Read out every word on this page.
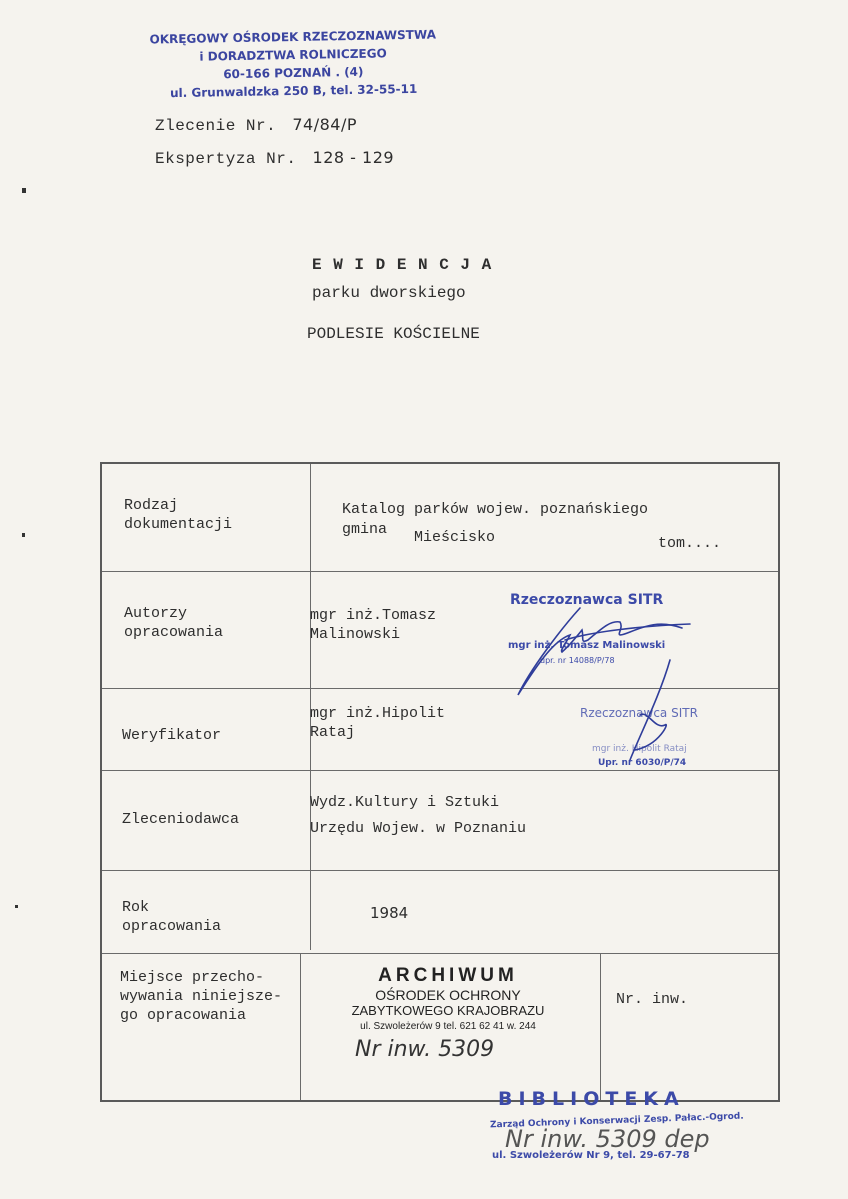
OKRĘGOWY OŚRODEK RZECZOZNAWSTWA
i DORADZTWA ROLNICZEGO
60-166 POZNAŃ . (4)
ul. Grunwaldzka 250 B, tel. 32-55-11
Zlecenie Nr. 74/84/P
Ekspertyza Nr. 128 - 129
E W I D E N C J A
parku dworskiego
PODLESIE KOŚCIELNE
Rodzaj
dokumentacji
Katalog parków wojew. poznańskiego
gmina Mieścisko	tom....
Autorzy
opracowania
mgr inż.Tomasz
Malinowski
Weryfikator
mgr inż.Hipolit
Rataj
Zleceniodawca
Wydz.Kultury i Sztuki
Urzędu Wojew. w Poznaniu
Rok
opracowania
1984
Miejsce przecho-
wywania niniejsze-
go opracowania
Nr. inw.
Rzeczoznawca SITR
mgr inż. Tomasz Malinowski
upr. nr 14088/P/78
Rzeczoznawca SITR
mgr inż. Hipolit Rataj
Upr. nr 6030/P/74
ARCHIWUM
OŚRODEK OCHRONY
ZABYTKOWEGO KRAJOBRAZU
ul. Szwoleżerów 9 tel. 621 62 41 w. 244
Nr inw. 5309
BIBLIOTEKA
Zarząd Ochrony i Konserwacji Zesp. Pałac.-Ogrod.
ul. Szwoleżerów Nr 9, tel. 29-67-78
Nr inw. 5309 dep
